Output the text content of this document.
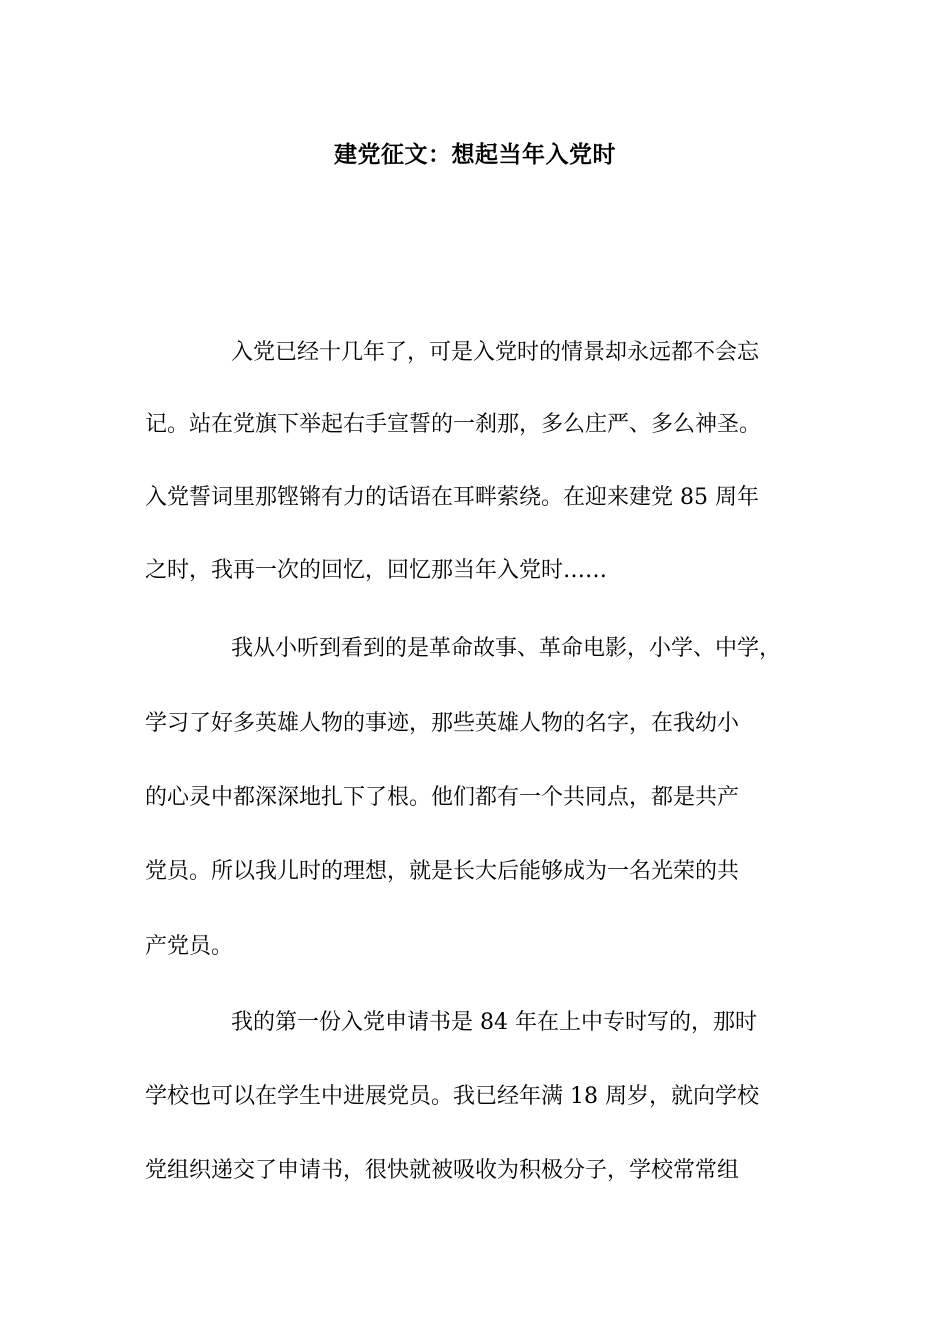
建党征文：想起当年入党时

入党已经十几年了，可是入党时的情景却永远都不会忘

记。站在党旗下举起右手宣誓的一刹那，多么庄严、多么神圣。

入党誓词里那铿锵有力的话语在耳畔萦绕。在迎来建党 85 周年

之时，我再一次的回忆，回忆那当年入党时……

我从小听到看到的是革命故事、革命电影，小学、中学，

学习了好多英雄人物的事迹，那些英雄人物的名字，在我幼小

的心灵中都深深地扎下了根。他们都有一个共同点，都是共产

党员。所以我儿时的理想，就是长大后能够成为一名光荣的共

产党员。

我的第一份入党申请书是 84 年在上中专时写的，那时

学校也可以在学生中进展党员。我已经年满 18 周岁，就向学校

党组织递交了申请书，很快就被吸收为积极分子，学校常常组
